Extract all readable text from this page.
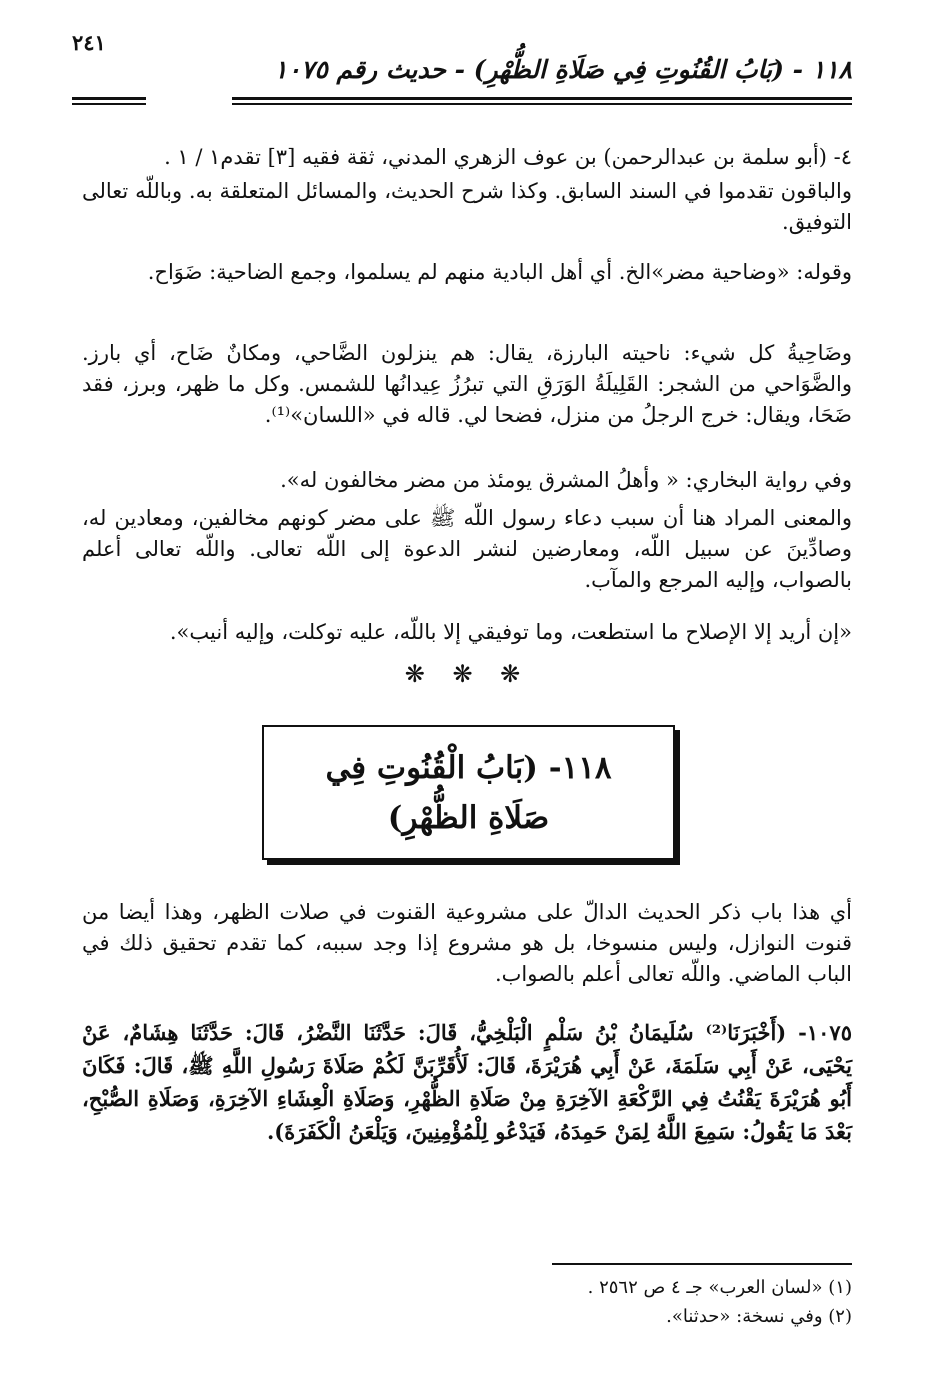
١١٨ - (بَابُ القُنُوتِ فِي صَلَاةِ الظُّهْرِ) - حديث رقم ١٠٧٥
٢٤١
٤- (أبو سلمة بن عبدالرحمن) بن عوف الزهري المدني، ثقة فقيه [٣] تقدم١ / ١ .
والباقون تقدموا في السند السابق. وكذا شرح الحديث، والمسائل المتعلقة به. وباللّه تعالى التوفيق.
وقوله: «وضاحية مضر»الخ. أي أهل البادية منهم لم يسلموا، وجمع الضاحية: ضَوَاح.
وضَاحِيةُ كل شيء: ناحيته البارزة، يقال: هم ينزلون الضَّاحي، ومكانٌ ضَاح، أي بارز. والضَّوَاحي من الشجر: القَلِيلَةُ الوَرَقِ التي تبرُزُ عِيدانُها للشمس. وكل ما ظهر، وبرز، فقد ضَحَا، ويقال: خرج الرجلُ من منزل، فضحا لي. قاله في «اللسان»⁽¹⁾.
وفي رواية البخاري: « وأهلُ المشرق يومئذ من مضر مخالفون له».
والمعنى المراد هنا أن سبب دعاء رسول اللّه ﷺ على مضر كونهم مخالفين، ومعادين له، وصادِّينَ عن سبيل اللّه، ومعارضين لنشر الدعوة إلى اللّه تعالى. واللّه تعالى أعلم بالصواب، وإليه المرجع والمآب.
«إن أريد إلا الإصلاح ما استطعت، وما توفيقي إلا باللّه، عليه توكلت، وإليه أنيب».
❋ ❋ ❋
١١٨- (بَابُ الْقُنُوتِ فِي صَلَاةِ الظُّهْرِ)
أي هذا باب ذكر الحديث الدالّ على مشروعية القنوت في صلات الظهر، وهذا أيضا من قنوت النوازل، وليس منسوخا، بل هو مشروع إذا وجد سببه، كما تقدم تحقيق ذلك في الباب الماضي. واللّه تعالى أعلم بالصواب.
١٠٧٥- (أَخْبَرَنَا⁽²⁾ سُلَيمَانُ بْنُ سَلْمٍ الْبَلْخِيُّ، قَالَ: حَدَّثَنَا النَّضْرُ، قَالَ: حَدَّثَنَا هِشَامٌ، عَنْ يَحْيَى، عَنْ أَبِي سَلَمَةَ، عَنْ أَبِي هُرَيْرَةَ، قَالَ: لَأُقَرِّبَنَّ لَكُمْ صَلَاةَ رَسُولِ اللَّهِ ﷺ، قَالَ: فَكَانَ أَبُو هُرَيْرَةَ يَقْنُتُ فِي الرَّكْعَةِ الآخِرَةِ مِنْ صَلَاةِ الظُّهْرِ، وَصَلَاةِ الْعِشَاءِ الآخِرَةِ، وَصَلَاةِ الصُّبْحِ، بَعْدَ مَا يَقُولُ: سَمِعَ اللَّهُ لِمَنْ حَمِدَهُ، فَيَدْعُو لِلْمُؤْمِنِينَ، وَيَلْعَنُ الْكَفَرَةَ).
(١) «لسان العرب» جـ ٤ ص ٢٥٦٢ .
(٢) وفي نسخة: «حدثنا».
